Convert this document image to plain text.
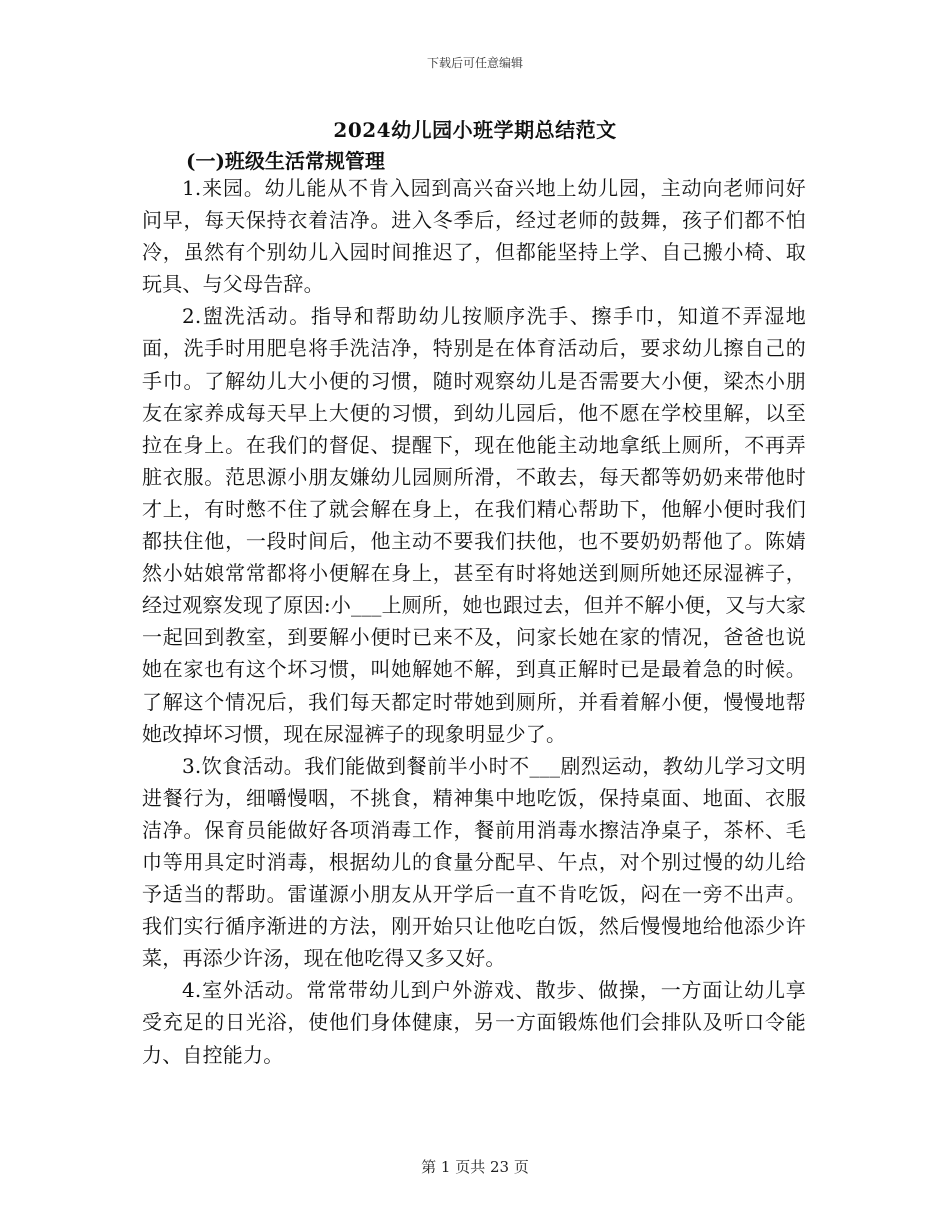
下载后可任意编辑
2024幼儿园小班学期总结范文
(一)班级生活常规管理

1.来园。幼儿能从不肯入园到高兴奋兴地上幼儿园，主动向老师问好问早，每天保持衣着洁净。进入冬季后，经过老师的鼓舞，孩子们都不怕冷，虽然有个别幼儿入园时间推迟了，但都能坚持上学、自己搬小椅、取玩具、与父母告辞。

2.盥洗活动。指导和帮助幼儿按顺序洗手、擦手巾，知道不弄湿地面，洗手时用肥皂将手洗洁净，特别是在体育活动后，要求幼儿擦自己的手巾。了解幼儿大小便的习惯，随时观察幼儿是否需要大小便，梁杰小朋友在家养成每天早上大便的习惯，到幼儿园后，他不愿在学校里解，以至拉在身上。在我们的督促、提醒下，现在他能主动地拿纸上厕所，不再弄脏衣服。范思源小朋友嫌幼儿园厕所滑，不敢去，每天都等奶奶来带他时才上，有时憋不住了就会解在身上，在我们精心帮助下，他解小便时我们都扶住他，一段时间后，他主动不要我们扶他，也不要奶奶帮他了。陈婧然小姑娘常常都将小便解在身上，甚至有时将她送到厕所她还尿湿裤子，经过观察发现了原因:小___上厕所，她也跟过去，但并不解小便，又与大家一起回到教室，到要解小便时已来不及，问家长她在家的情况，爸爸也说她在家也有这个坏习惯，叫她解她不解，到真正解时已是最着急的时候。了解这个情况后，我们每天都定时带她到厕所，并看着解小便，慢慢地帮她改掉坏习惯，现在尿湿裤子的现象明显少了。

3.饮食活动。我们能做到餐前半小时不___剧烈运动，教幼儿学习文明进餐行为，细嚼慢咽，不挑食，精神集中地吃饭，保持桌面、地面、衣服洁净。保育员能做好各项消毒工作，餐前用消毒水擦洁净桌子，茶杯、毛巾等用具定时消毒，根据幼儿的食量分配早、午点，对个别过慢的幼儿给予适当的帮助。雷谨源小朋友从开学后一直不肯吃饭，闷在一旁不出声。我们实行循序渐进的方法，刚开始只让他吃白饭，然后慢慢地给他添少许菜，再添少许汤，现在他吃得又多又好。

4.室外活动。常常带幼儿到户外游戏、散步、做操，一方面让幼儿享受充足的日光浴，使他们身体健康，另一方面锻炼他们会排队及听口令能力、自控能力。

第 1 页共 23 页
